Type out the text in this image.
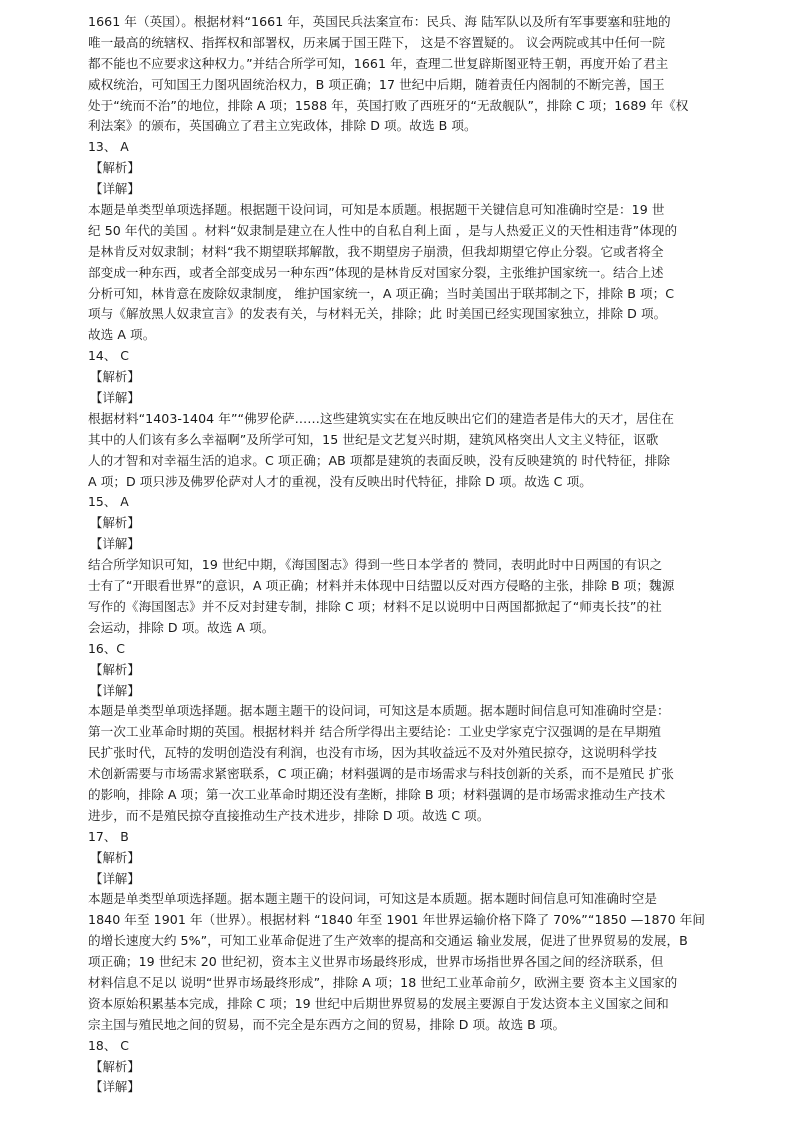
1661 年（英国）。根据材料“1661 年，英国民兵法案宣布：民兵、海 陆军队以及所有军事要塞和驻地的
唯一最高的统辖权、指挥权和部署权，历来属于国王陛下， 这是不容置疑的。 议会两院或其中任何一院
都不能也不应要求这种权力。”并结合所学可知，1661 年，查理二世复辟斯图亚特王朝，再度开始了君主
威权统治，可知国王力图巩固统治权力，B 项正确；17 世纪中后期，随着责任内阁制的不断完善，国王
处于“统而不治”的地位，排除 A 项；1588 年，英国打败了西班牙的“无敌舰队”，排除 C 项；1689 年《权
利法案》的颁布，英国确立了君主立宪政体，排除 D 项。故选 B 项。
13、 A
【解析】
【详解】
本题是单类型单项选择题。根据题干设问词，可知是本质题。根据题干关键信息可知准确时空是：19 世
纪 50 年代的美国 。材料“奴隶制是建立在人性中的自私自利上面 ，是与人热爱正义的天性相违背”体现的
是林肯反对奴隶制；材料“我不期望联邦解散，我不期望房子崩溃，但我却期望它停止分裂。它或者将全
部变成一种东西，或者全部变成另一种东西”体现的是林肯反对国家分裂，主张维护国家统一。结合上述
分析可知，林肯意在废除奴隶制度， 维护国家统一，A 项正确；当时美国出于联邦制之下，排除 B 项；C
项与《解放黑人奴隶宣言》的发表有关，与材料无关，排除；此 时美国已经实现国家独立，排除 D 项。
故选 A 项。
14、 C
【解析】
【详解】
根据材料“1403-1404 年”“佛罗伦萨……这些建筑实实在在地反映出它们的建造者是伟大的天才，居住在
其中的人们该有多么幸福啊”及所学可知，15 世纪是文艺复兴时期，建筑风格突出人文主义特征，讴歌
人的才智和对幸福生活的追求。C 项正确；AB 项都是建筑的表面反映，没有反映建筑的 时代特征，排除
A 项；D 项只涉及佛罗伦萨对人才的重视，没有反映出时代特征，排除 D 项。故选 C 项。
15、 A
【解析】
【详解】
结合所学知识可知，19 世纪中期，《海国图志》得到一些日本学者的 赞同，表明此时中日两国的有识之
士有了“开眼看世界”的意识，A 项正确；材料并未体现中日结盟以反对西方侵略的主张，排除 B 项；魏源
写作的《海国图志》并不反对封建专制，排除 C 项；材料不足以说明中日两国都掀起了“师夷长技”的社
会运动，排除 D 项。故选 A 项。
16、C
【解析】
【详解】
本题是单类型单项选择题。据本题主题干的设问词，可知这是本质题。据本题时间信息可知准确时空是：
第一次工业革命时期的英国。根据材料并 结合所学得出主要结论：工业史学家克宁汉强调的是在早期殖
民扩张时代，瓦特的发明创造没有利润，也没有市场，因为其收益远不及对外殖民掠夺，这说明科学技
术创新需要与市场需求紧密联系，C 项正确；材料强调的是市场需求与科技创新的关系，而不是殖民 扩张
的影响，排除 A 项；第一次工业革命时期还没有垄断，排除 B 项；材料强调的是市场需求推动生产技术
进步，而不是殖民掠夺直接推动生产技术进步，排除 D 项。故选 C 项。
17、 B
【解析】
【详解】
本题是单类型单项选择题。据本题主题干的设问词，可知这是本质题。据本题时间信息可知准确时空是
1840 年至 1901 年（世界）。根据材料 “1840 年至 1901 年世界运输价格下降了 70%”“1850 —1870 年间
的增长速度大约 5%”，可知工业革命促进了生产效率的提高和交通运 输业发展，促进了世界贸易的发展，B
项正确；19 世纪末 20 世纪初，资本主义世界市场最终形成，世界市场指世界各国之间的经济联系，但
材料信息不足以 说明“世界市场最终形成”，排除 A 项；18 世纪工业革命前夕，欧洲主要 资本主义国家的
资本原始积累基本完成，排除 C 项；19 世纪中后期世界贸易的发展主要源自于发达资本主义国家之间和
宗主国与殖民地之间的贸易，而不完全是东西方之间的贸易，排除 D 项。故选 B 项。
18、 C
【解析】
【详解】
